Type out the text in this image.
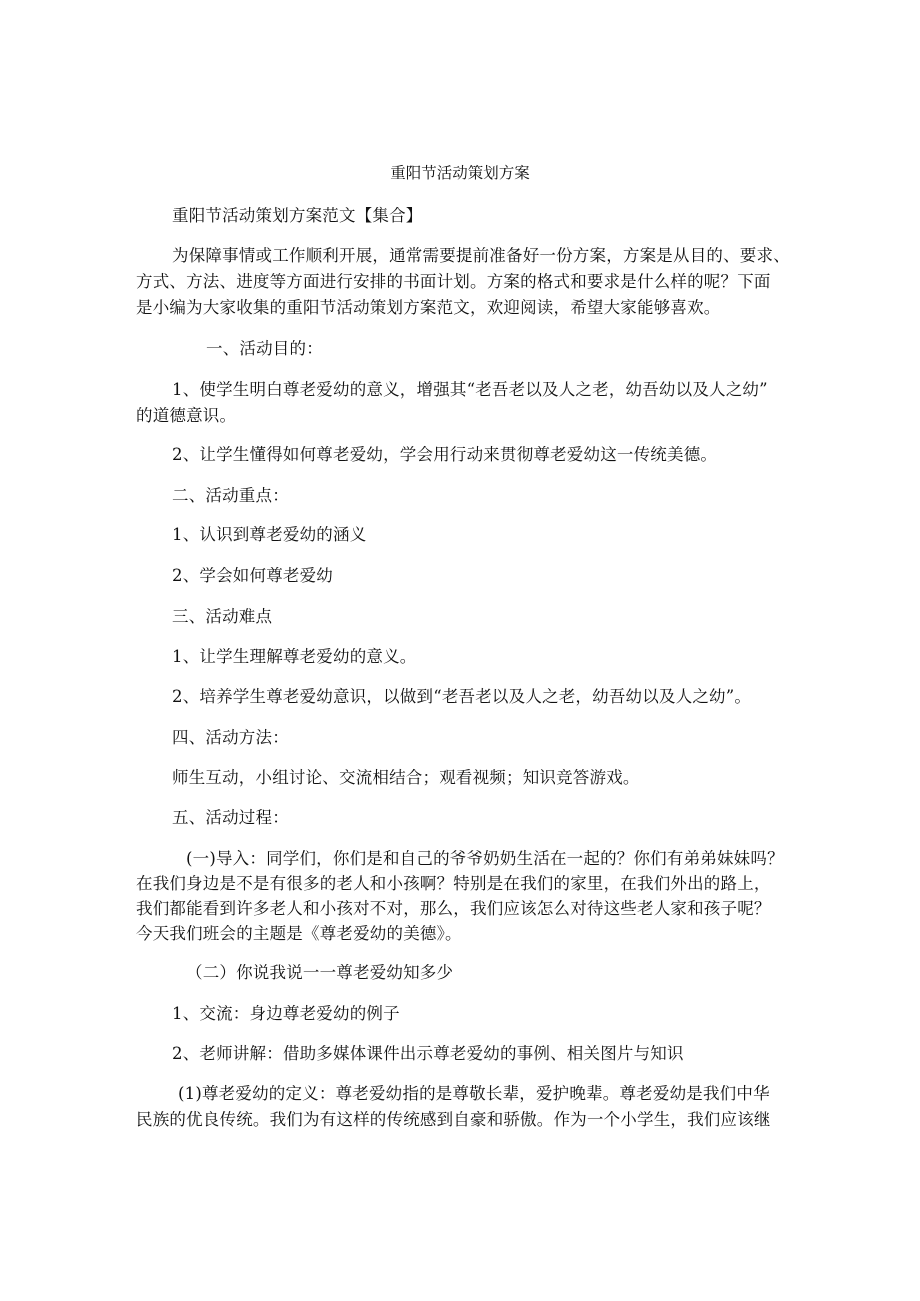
重阳节活动策划方案
重阳节活动策划方案范文【集合】
为保障事情或工作顺利开展，通常需要提前准备好一份方案，方案是从目的、要求、
方式、方法、进度等方面进行安排的书面计划。方案的格式和要求是什么样的呢？下面
是小编为大家收集的重阳节活动策划方案范文，欢迎阅读，希望大家能够喜欢。
一、活动目的：
1、使学生明白尊老爱幼的意义，增强其“老吾老以及人之老，幼吾幼以及人之幼”
的道德意识。
2、让学生懂得如何尊老爱幼，学会用行动来贯彻尊老爱幼这一传统美德。
二、活动重点：
1、认识到尊老爱幼的涵义
2、学会如何尊老爱幼
三、活动难点
1、让学生理解尊老爱幼的意义。
2、培养学生尊老爱幼意识，以做到“老吾老以及人之老，幼吾幼以及人之幼”。
四、活动方法：
师生互动，小组讨论、交流相结合；观看视频；知识竞答游戏。
五、活动过程：
(一)导入：同学们，你们是和自己的爷爷奶奶生活在一起的？你们有弟弟妹妹吗？
在我们身边是不是有很多的老人和小孩啊？特别是在我们的家里，在我们外出的路上，
我们都能看到许多老人和小孩对不对，那么，我们应该怎么对待这些老人家和孩子呢？
今天我们班会的主题是《尊老爱幼的美德》。
（二）你说我说一一尊老爱幼知多少
1、交流：身边尊老爱幼的例子
2、老师讲解：借助多媒体课件出示尊老爱幼的事例、相关图片与知识
(1)尊老爱幼的定义：尊老爱幼指的是尊敬长辈，爱护晚辈。尊老爱幼是我们中华
民族的优良传统。我们为有这样的传统感到自豪和骄傲。作为一个小学生，我们应该继
